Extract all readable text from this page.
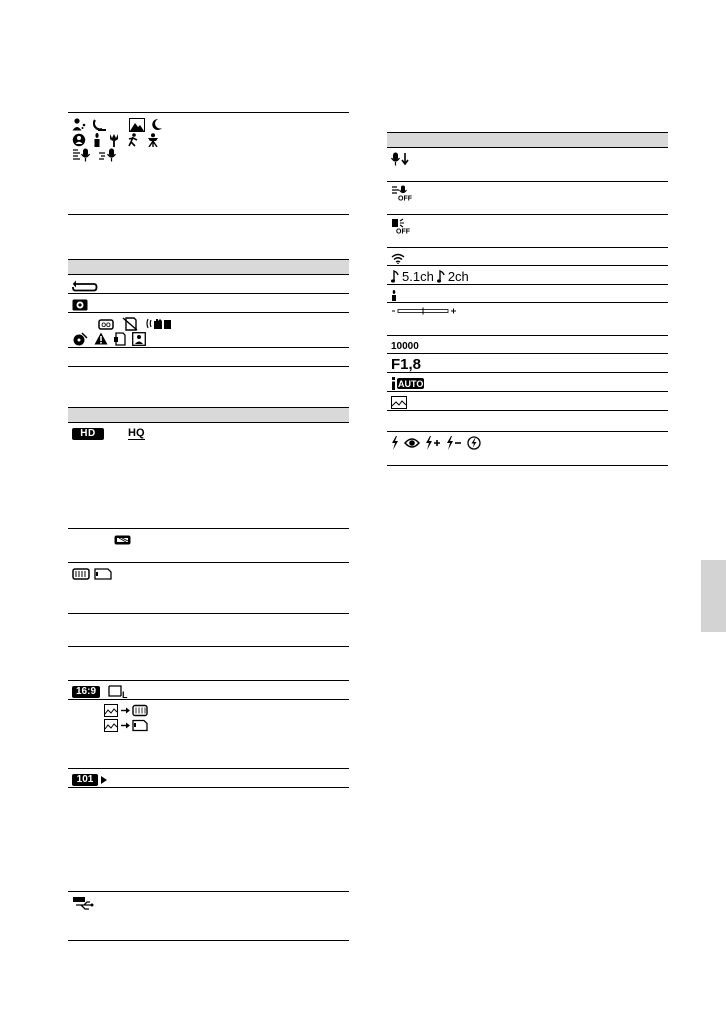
OO
HD	HQ
16:9	L
101
OFF
OFF
5.1ch 2ch
10000
F1,8
AUTO
